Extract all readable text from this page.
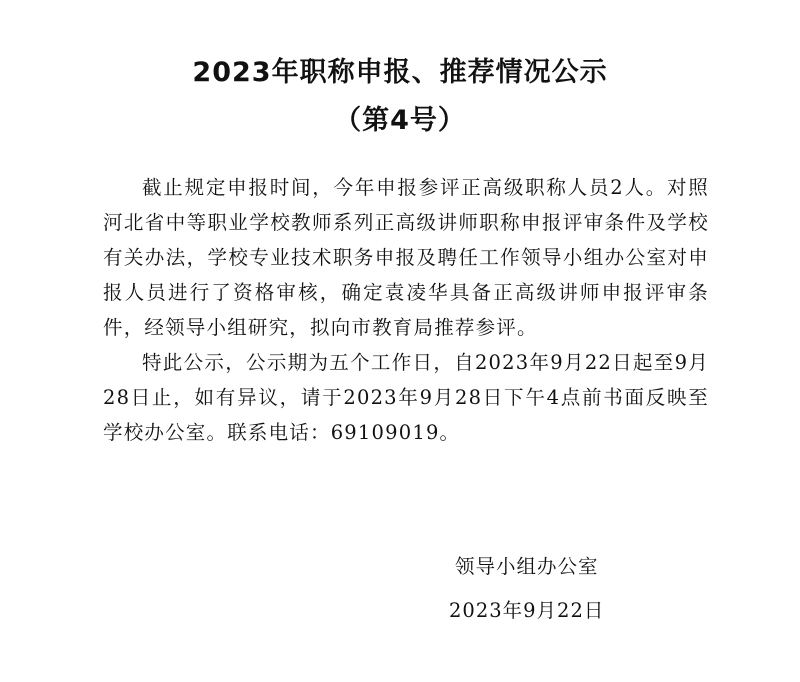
2023年职称申报、推荐情况公示
（第4号）

截止规定申报时间，今年申报参评正高级职称人员2人。对照河北省中等职业学校教师系列正高级讲师职称申报评审条件及学校有关办法，学校专业技术职务申报及聘任工作领导小组办公室对申报人员进行了资格审核，确定袁凌华具备正高级讲师申报评审条件，经领导小组研究，拟向市教育局推荐参评。

特此公示，公示期为五个工作日，自2023年9月22日起至9月28日止，如有异议，请于2023年9月28日下午4点前书面反映至学校办公室。联系电话：69109019。

领导小组办公室
2023年9月22日
